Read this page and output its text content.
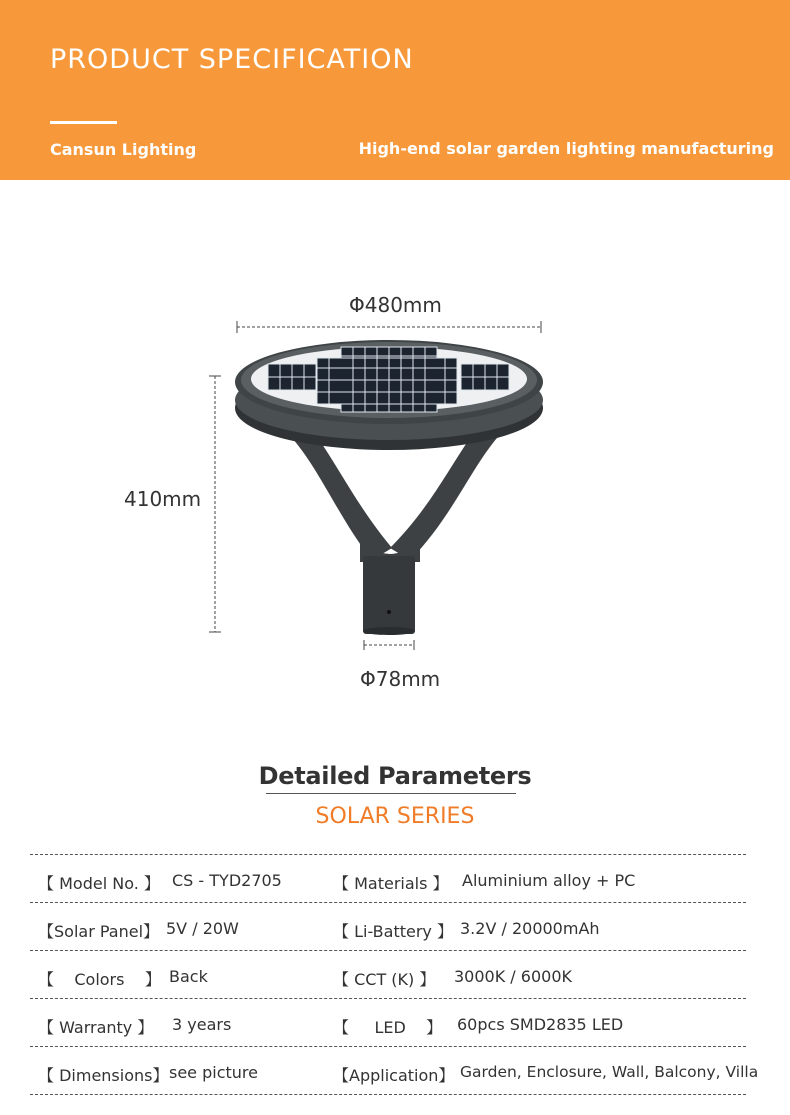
PRODUCT SPECIFICATION
Cansun Lighting	High-end solar garden lighting manufacturing
Φ480mm
410mm
Φ78mm
Detailed Parameters
SOLAR SERIES
【 Model No. 】 CS - TYD2705	【 Materials 】 Aluminium alloy + PC
【Solar Panel】 5V / 20W	【 Li-Battery 】 3.2V / 20000mAh
【    Colors    】 Back	【 CCT (K) 】 3000K / 6000K
【 Warranty 】 3 years	【     LED    】 60pcs SMD2835 LED
【 Dimensions】 see picture	【Application】 Garden, Enclosure, Wall, Balcony, Villa
